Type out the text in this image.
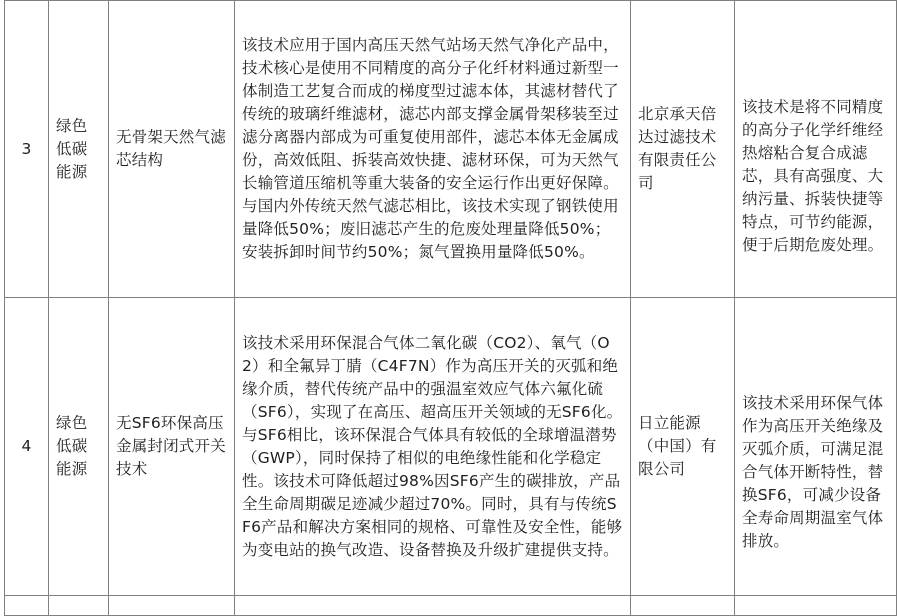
3	绿色低碳能源	无骨架天然气滤芯结构	该技术应用于国内高压天然气站场天然气净化产品中，技术核心是使用不同精度的高分子化纤材料通过新型一体制造工艺复合而成的梯度型过滤本体，其滤材替代了传统的玻璃纤维滤材，滤芯内部支撑金属骨架移装至过滤分离器内部成为可重复使用部件，滤芯本体无金属成份，高效低阻、拆装高效快捷、滤材环保，可为天然气长输管道压缩机等重大装备的安全运行作出更好保障。与国内外传统天然气滤芯相比，该技术实现了钢铁使用量降低50%；废旧滤芯产生的危废处理量降低50%；安装拆卸时间节约50%；氮气置换用量降低50%。	北京承天倍达过滤技术有限责任公司	该技术是将不同精度的高分子化学纤维经热熔粘合复合成滤芯，具有高强度、大纳污量、拆装快捷等特点，可节约能源，便于后期危废处理。
4	绿色低碳能源	无SF6环保高压金属封闭式开关技术	该技术采用环保混合气体二氧化碳（CO2）、氧气（O2）和全氟异丁腈（C4F7N）作为高压开关的灭弧和绝缘介质，替代传统产品中的强温室效应气体六氟化硫（SF6），实现了在高压、超高压开关领域的无SF6化。与SF6相比，该环保混合气体具有较低的全球增温潜势（GWP），同时保持了相似的电绝缘性能和化学稳定性。该技术可降低超过98%因SF6产生的碳排放，产品全生命周期碳足迹减少超过70%。同时，具有与传统SF6产品和解决方案相同的规格、可靠性及安全性，能够为变电站的换气改造、设备替换及升级扩建提供支持。	日立能源（中国）有限公司	该技术采用环保气体作为高压开关绝缘及灭弧介质，可满足混合气体开断特性，替换SF6，可减少设备全寿命周期温室气体排放。
